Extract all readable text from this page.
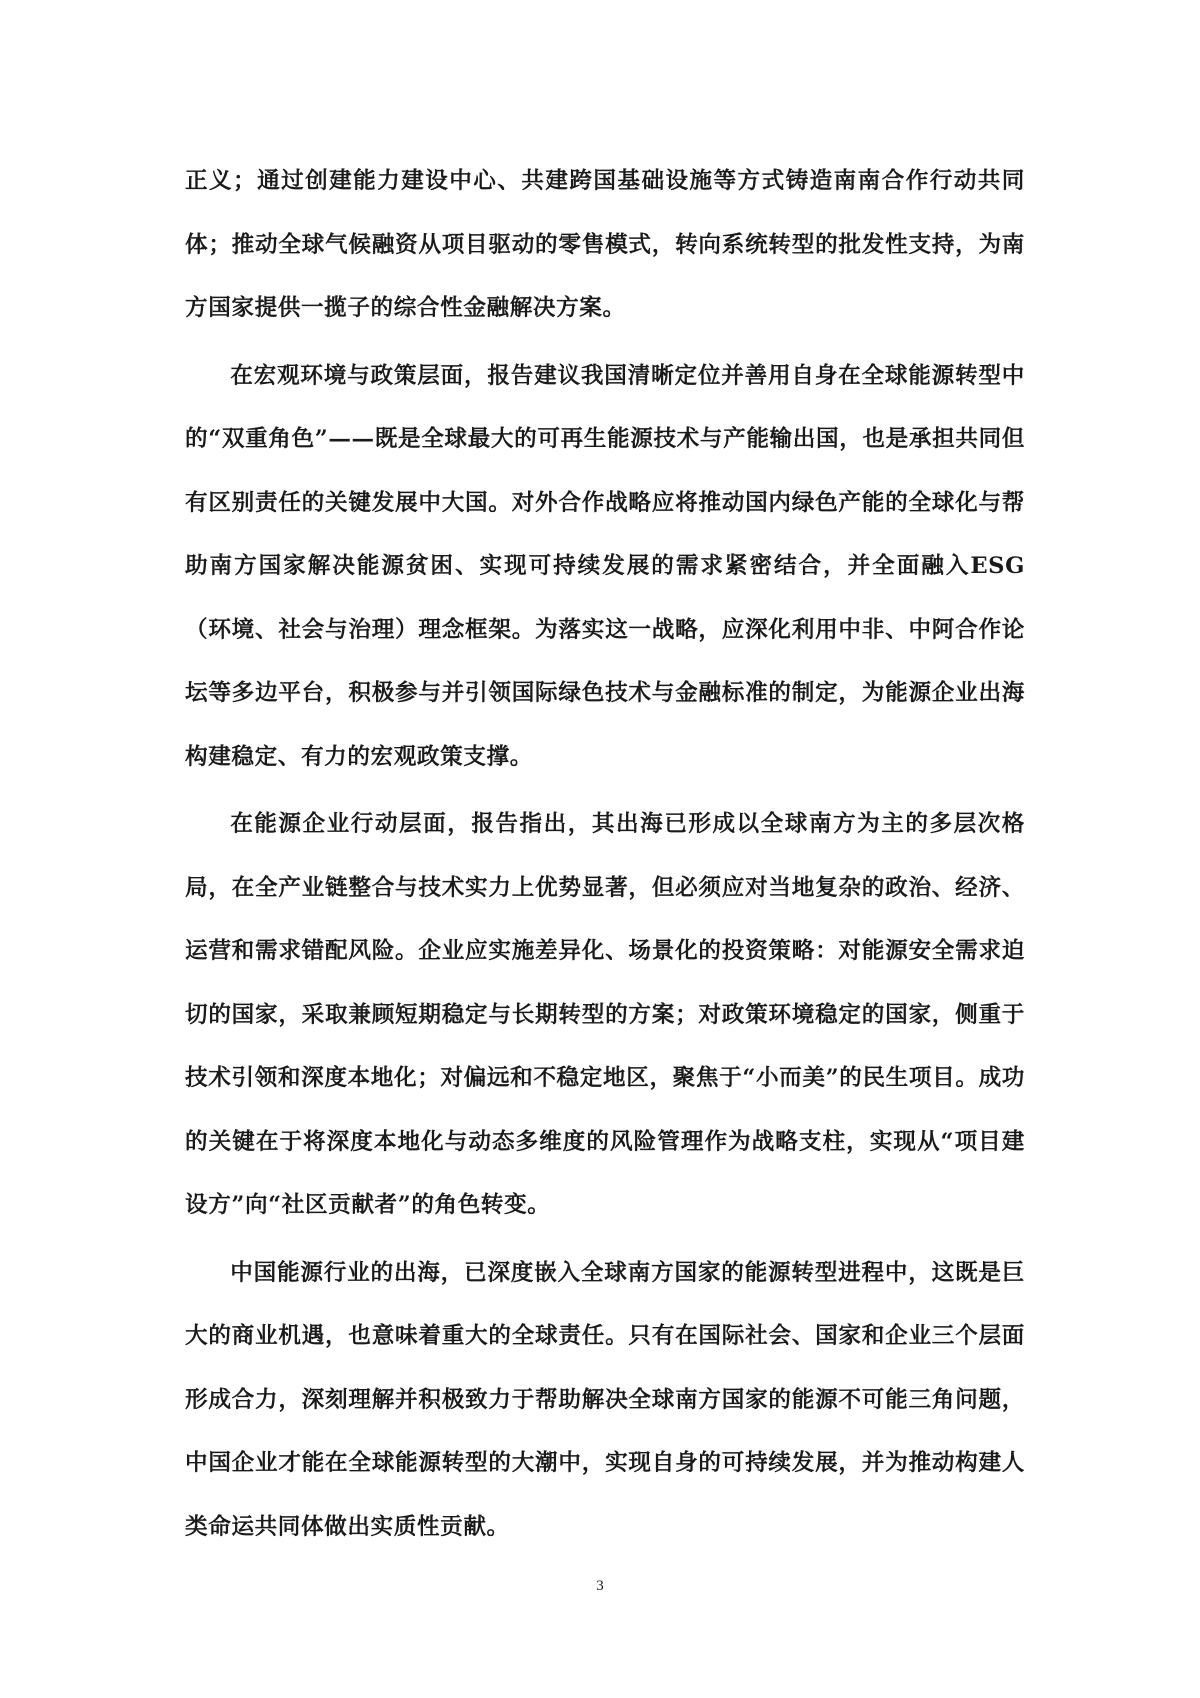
正义；通过创建能力建设中心、共建跨国基础设施等方式铸造南南合作行动共同体；推动全球气候融资从项目驱动的零售模式，转向系统转型的批发性支持，为南方国家提供一揽子的综合性金融解决方案。

在宏观环境与政策层面，报告建议我国清晰定位并善用自身在全球能源转型中的“双重角色”——既是全球最大的可再生能源技术与产能输出国，也是承担共同但有区别责任的关键发展中大国。对外合作战略应将推动国内绿色产能的全球化与帮助南方国家解决能源贫困、实现可持续发展的需求紧密结合，并全面融入ESG（环境、社会与治理）理念框架。为落实这一战略，应深化利用中非、中阿合作论坛等多边平台，积极参与并引领国际绿色技术与金融标准的制定，为能源企业出海构建稳定、有力的宏观政策支撑。

在能源企业行动层面，报告指出，其出海已形成以全球南方为主的多层次格局，在全产业链整合与技术实力上优势显著，但必须应对当地复杂的政治、经济、运营和需求错配风险。企业应实施差异化、场景化的投资策略：对能源安全需求迫切的国家，采取兼顾短期稳定与长期转型的方案；对政策环境稳定的国家，侧重于技术引领和深度本地化；对偏远和不稳定地区，聚焦于“小而美”的民生项目。成功的关键在于将深度本地化与动态多维度的风险管理作为战略支柱，实现从“项目建设方”向“社区贡献者”的角色转变。

中国能源行业的出海，已深度嵌入全球南方国家的能源转型进程中，这既是巨大的商业机遇，也意味着重大的全球责任。只有在国际社会、国家和企业三个层面形成合力，深刻理解并积极致力于帮助解决全球南方国家的能源不可能三角问题，中国企业才能在全球能源转型的大潮中，实现自身的可持续发展，并为推动构建人类命运共同体做出实质性贡献。

3
